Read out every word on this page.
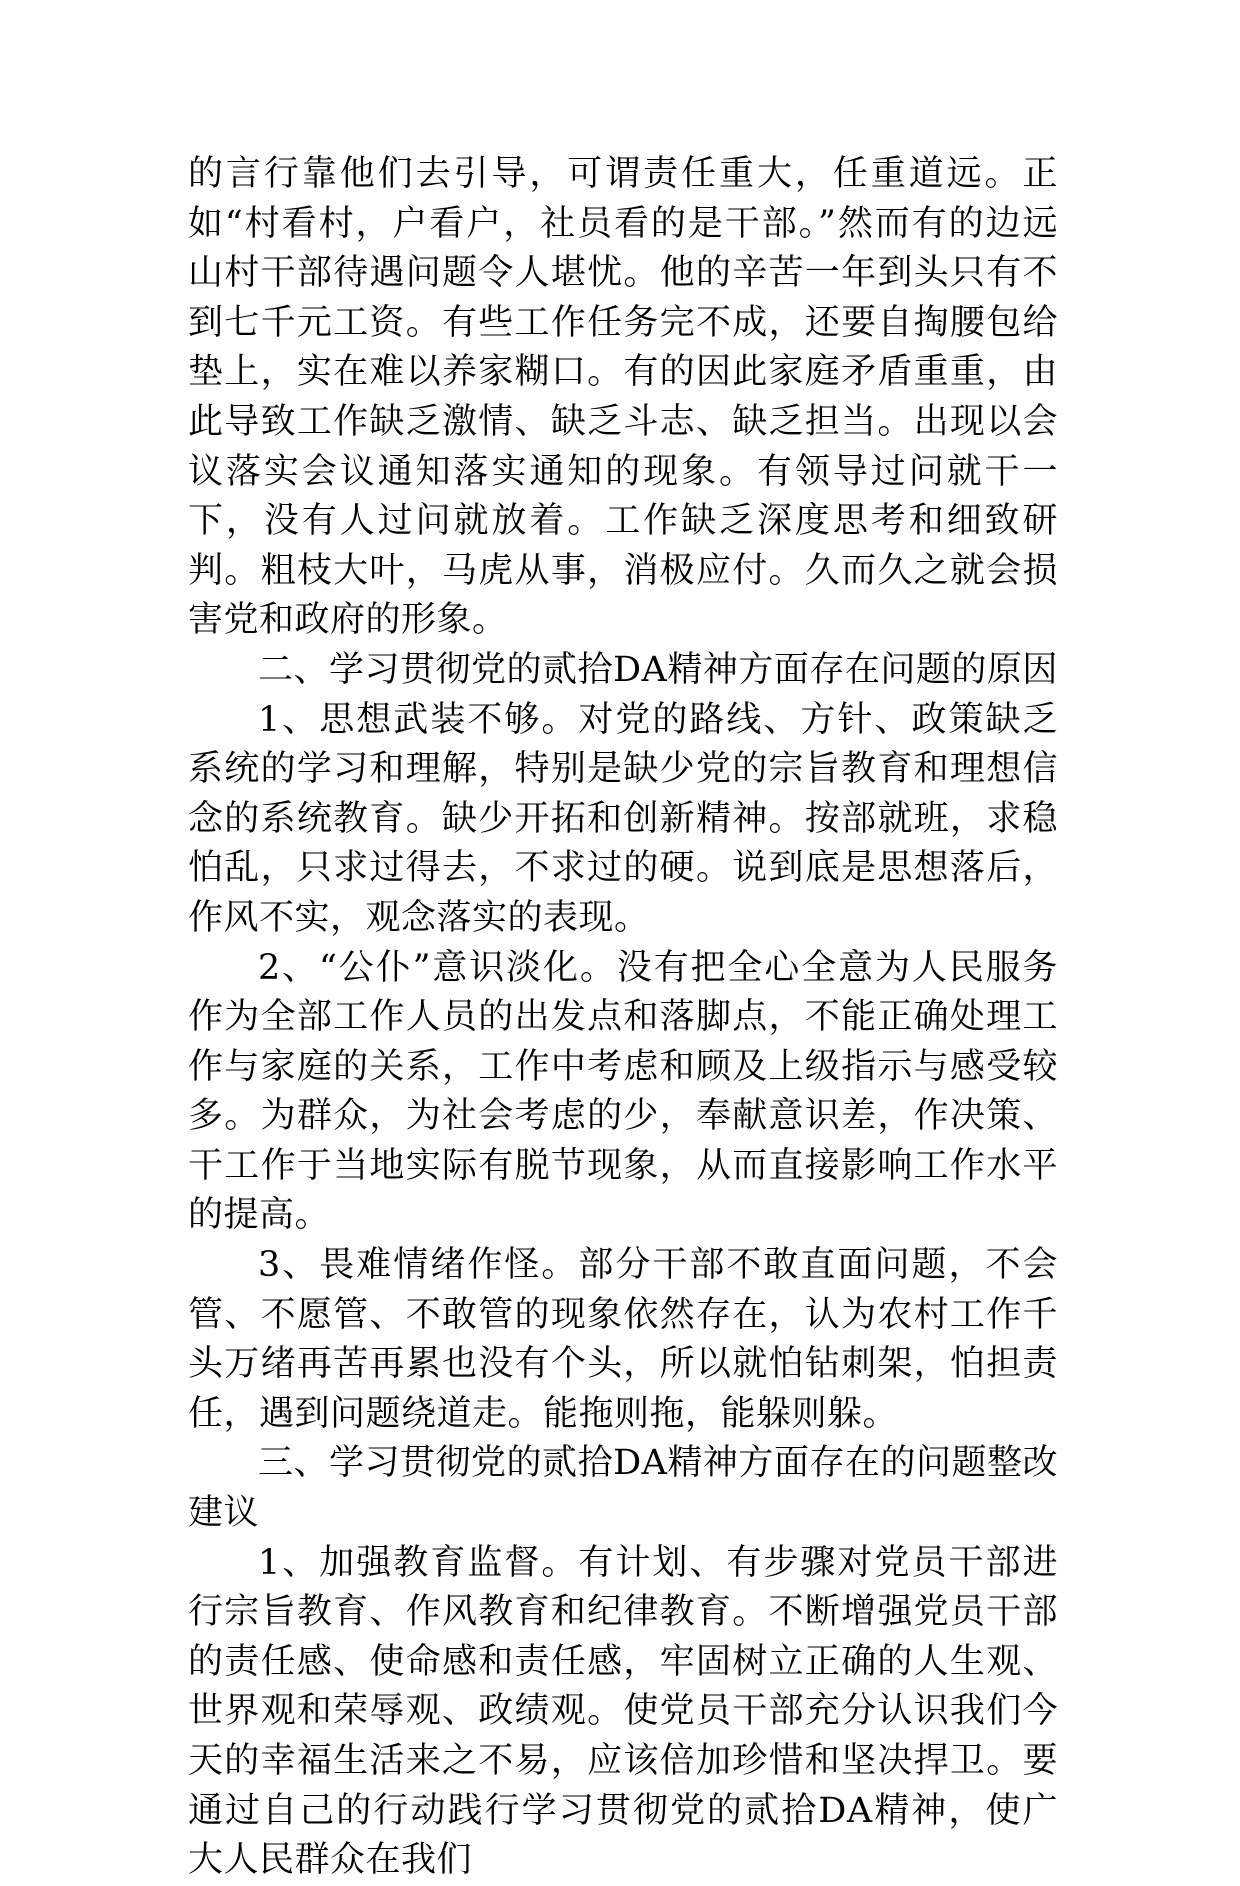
的言行靠他们去引导，可谓责任重大，任重道远。正如“村看村，户看户，社员看的是干部。”然而有的边远山村干部待遇问题令人堪忧。他的辛苦一年到头只有不到七千元工资。有些工作任务完不成，还要自掏腰包给垫上，实在难以养家糊口。有的因此家庭矛盾重重，由此导致工作缺乏激情、缺乏斗志、缺乏担当。出现以会议落实会议通知落实通知的现象。有领导过问就干一下，没有人过问就放着。工作缺乏深度思考和细致研判。粗枝大叶，马虎从事，消极应付。久而久之就会损害党和政府的形象。

二、学习贯彻党的贰拾DA精神方面存在问题的原因

1、思想武装不够。对党的路线、方针、政策缺乏系统的学习和理解，特别是缺少党的宗旨教育和理想信念的系统教育。缺少开拓和创新精神。按部就班，求稳怕乱，只求过得去，不求过的硬。说到底是思想落后，作风不实，观念落实的表现。

2、“公仆”意识淡化。没有把全心全意为人民服务作为全部工作人员的出发点和落脚点，不能正确处理工作与家庭的关系，工作中考虑和顾及上级指示与感受较多。为群众，为社会考虑的少，奉献意识差，作决策、干工作于当地实际有脱节现象，从而直接影响工作水平的提高。

3、畏难情绪作怪。部分干部不敢直面问题，不会管、不愿管、不敢管的现象依然存在，认为农村工作千头万绪再苦再累也没有个头，所以就怕钻刺架，怕担责任，遇到问题绕道走。能拖则拖，能躲则躲。

三、学习贯彻党的贰拾DA精神方面存在的问题整改建议

1、加强教育监督。有计划、有步骤对党员干部进行宗旨教育、作风教育和纪律教育。不断增强党员干部的责任感、使命感和责任感，牢固树立正确的人生观、世界观和荣辱观、政绩观。使党员干部充分认识我们今天的幸福生活来之不易，应该倍加珍惜和坚决捍卫。要通过自己的行动践行学习贯彻党的贰拾DA精神，使广大人民群众在我们
